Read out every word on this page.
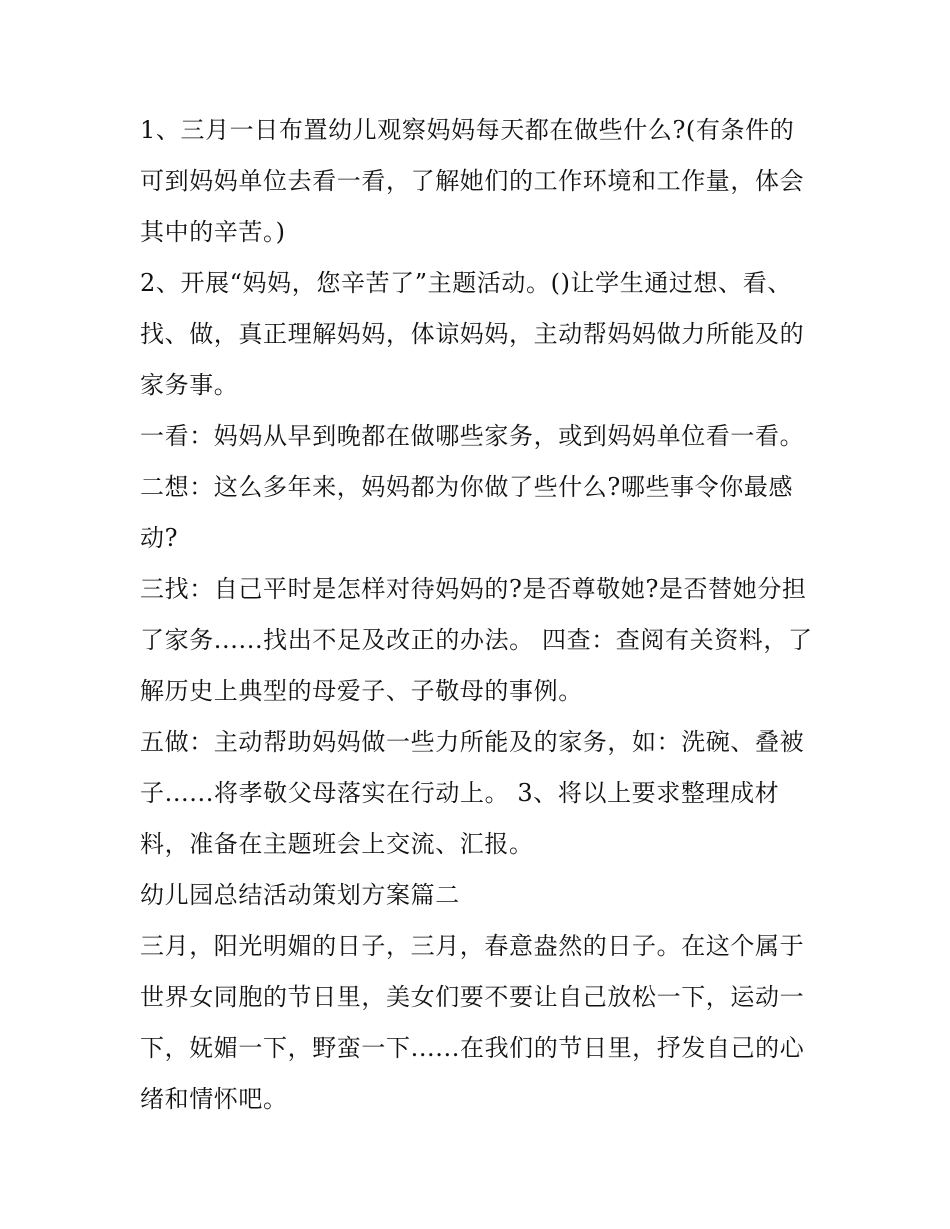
1、三月一日布置幼儿观察妈妈每天都在做些什么?(有条件的
可到妈妈单位去看一看，了解她们的工作环境和工作量，体会
其中的辛苦。)
2、开展“妈妈，您辛苦了”主题活动。()让学生通过想、看、
找、做，真正理解妈妈，体谅妈妈，主动帮妈妈做力所能及的
家务事。
一看：妈妈从早到晚都在做哪些家务，或到妈妈单位看一看。
二想：这么多年来，妈妈都为你做了些什么?哪些事令你最感
动?
三找：自己平时是怎样对待妈妈的?是否尊敬她?是否替她分担
了家务......找出不足及改正的办法。 四查：查阅有关资料，了
解历史上典型的母爱子、子敬母的事例。
五做：主动帮助妈妈做一些力所能及的家务，如：洗碗、叠被
子......将孝敬父母落实在行动上。 3、将以上要求整理成材
料，准备在主题班会上交流、汇报。
幼儿园总结活动策划方案篇二
三月，阳光明媚的日子，三月，春意盎然的日子。在这个属于
世界女同胞的节日里，美女们要不要让自己放松一下，运动一
下，妩媚一下，野蛮一下......在我们的节日里，抒发自己的心
绪和情怀吧。
